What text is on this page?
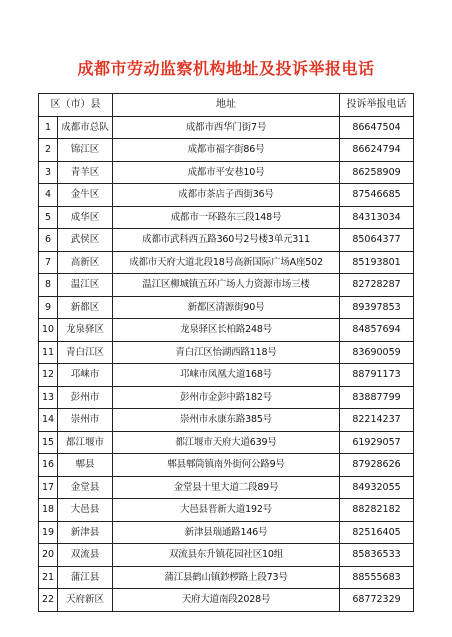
成都市劳动监察机构地址及投诉举报电话
区（市）县		地址	投诉举报电话
1	成都市总队	成都市西华门街7号	86647504
2	锦江区	成都市福字街86号	86624794
3	青羊区	成都市平安巷10号	86258909
4	金牛区	成都市茶店子西街36号	87546685
5	成华区	成都市一环路东三段148号	84313034
6	武侯区	成都市武科西五路360号2号楼3单元311	85064377
7	高新区	成都市天府大道北段18号高新国际广场A座502	85193801
8	温江区	温江区柳城镇五环广场人力资源市场三楼	82728287
9	新都区	新都区清源街90号	89397853
10	龙泉驿区	龙泉驿区长柏路248号	84857694
11	青白江区	青白江区怡湖西路118号	83690059
12	邛崃市	邛崃市凤凰大道168号	88791173
13	彭州市	彭州市金彭中路182号	83887799
14	崇州市	崇州市永康东路385号	82214237
15	都江堰市	都江堰市天府大道639号	61929057
16	郫县	郫县郫筒镇南外街何公路9号	87928626
17	金堂县	金堂县十里大道二段89号	84932055
18	大邑县	大邑县晋新大道192号	88282182
19	新津县	新津县瑞通路146号	82516405
20	双流县	双流县东升镇花园社区10组	85836533
21	蒲江县	蒲江县鹤山镇鈔椤路上段73号	88555683
22	天府新区	天府大道南段2028号	68772329
